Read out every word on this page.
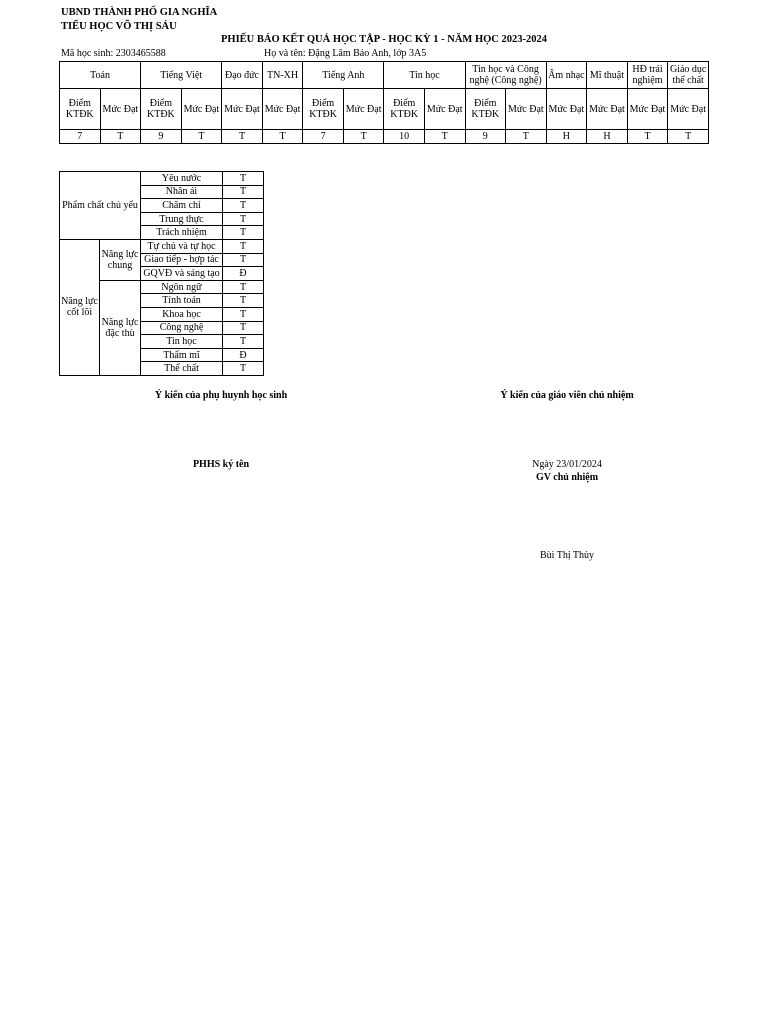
UBND THÀNH PHỐ GIA NGHĨA
TIỂU HỌC VÕ THỊ SÁU
PHIẾU BÁO KẾT QUẢ HỌC TẬP - HỌC KỲ 1 - NĂM HỌC 2023-2024
Mã học sinh: 2303465588	Họ và tên: Đặng Lâm Bảo Anh, lớp 3A5
Toán		Tiếng Việt		Đạo đức	TN-XH	Tiếng Anh		Tin học		Tin học và Công nghệ (Công nghệ)		Âm nhạc	Mĩ thuật	HĐ trải nghiệm	Giáo dục thể chất
Điểm KTĐK	Mức Đạt	Điểm KTĐK	Mức Đạt	Mức Đạt	Mức Đạt	Điểm KTĐK	Mức Đạt	Điểm KTĐK	Mức Đạt	Điểm KTĐK	Mức Đạt	Mức Đạt	Mức Đạt	Mức Đạt	Mức Đạt
7	T	9	T	T	T	7	T	10	T	9	T	H	H	T	T
Phẩm chất chủ yếu		Yêu nước	T
		Nhân ái	T
		Chăm chỉ	T
		Trung thực	T
		Trách nhiệm	T
Năng lực cốt lõi	Năng lực chung	Tự chủ và tự học	T
		Giao tiếp - hợp tác	T
		GQVĐ và sáng tạo	Đ
	Năng lực đặc thù	Ngôn ngữ	T
		Tính toán	T
		Khoa học	T
		Công nghệ	T
		Tin học	T
		Thẩm mĩ	Đ
		Thể chất	T
Ý kiến của phụ huynh học sinh	Ý kiến của giáo viên chủ nhiệm
PHHS ký tên	Ngày 23/01/2024
GV chủ nhiệm
Bùi Thị Thủy
